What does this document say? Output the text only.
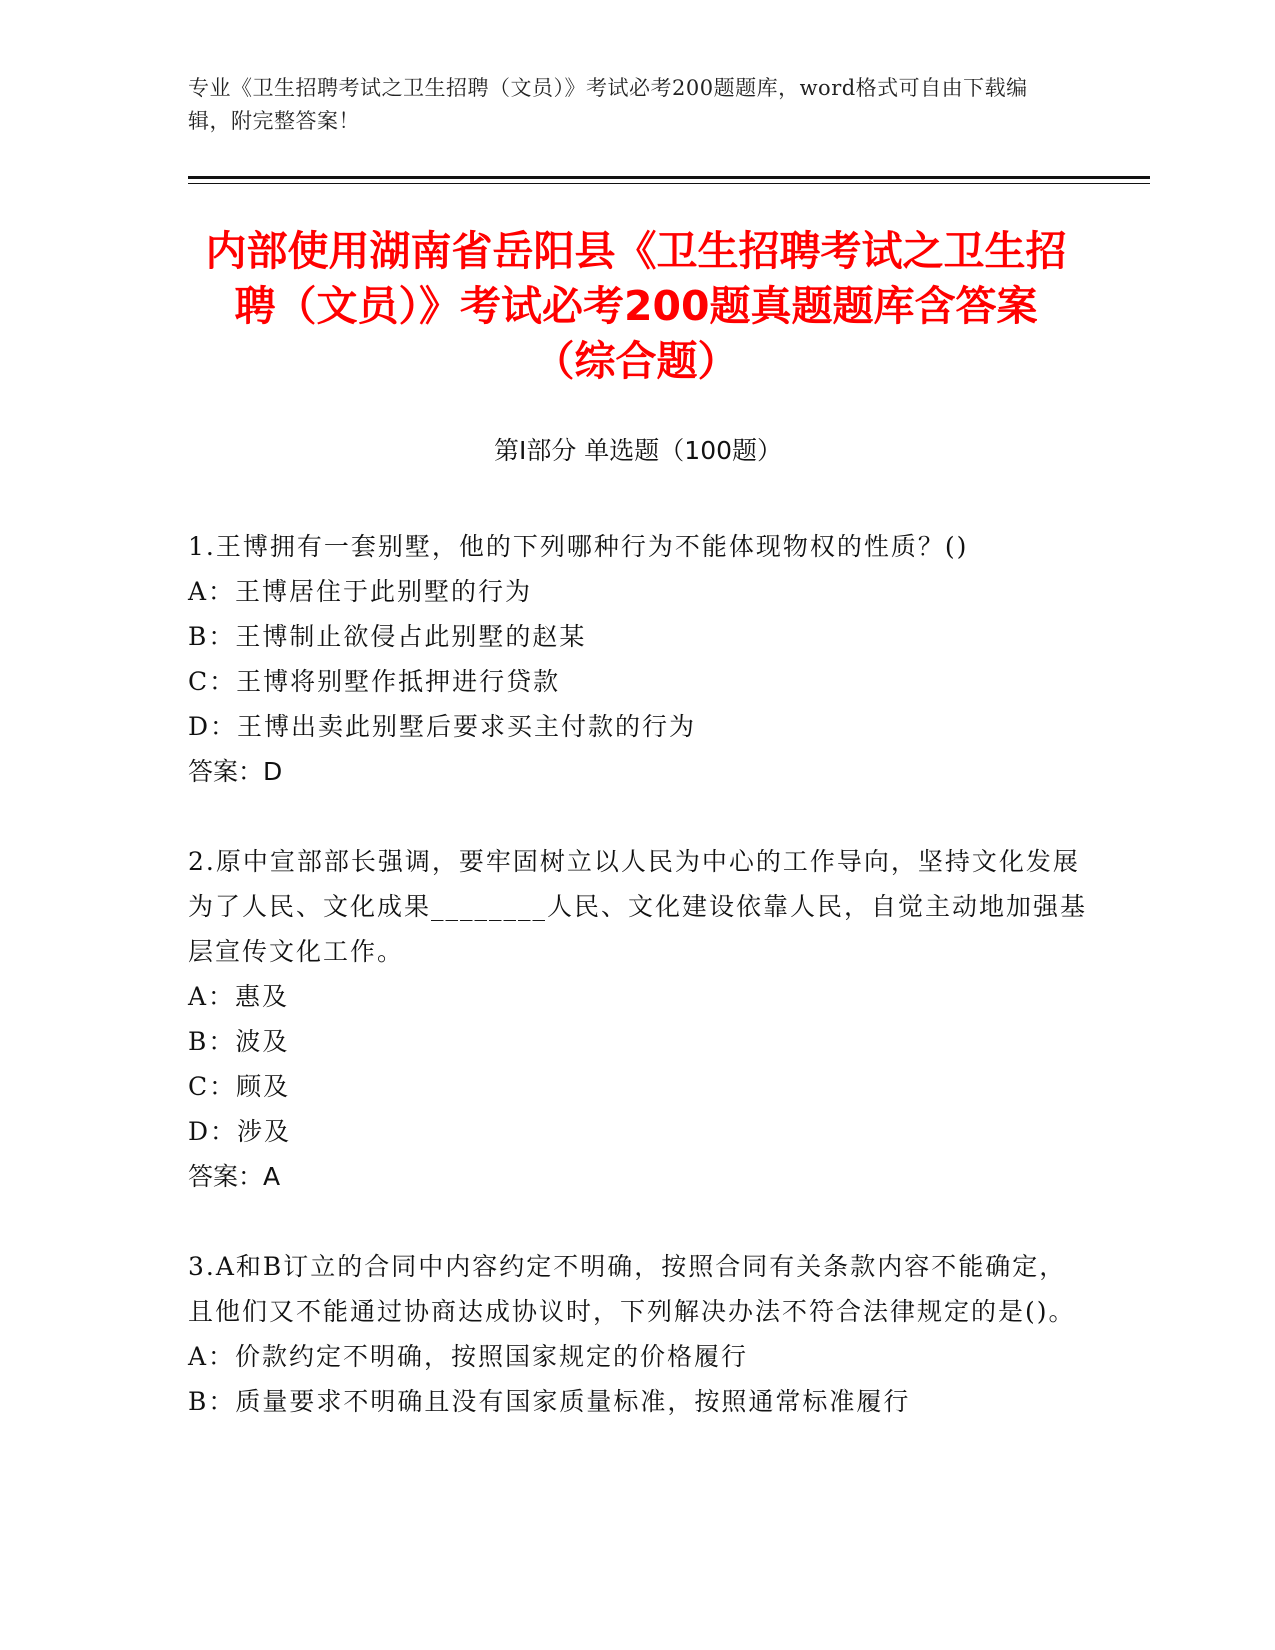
专业《卫生招聘考试之卫生招聘（文员）》考试必考200题题库，word格式可自由下载编辑，附完整答案！
内部使用湖南省岳阳县《卫生招聘考试之卫生招聘（文员）》考试必考200题真题题库含答案（综合题）
第Ⅰ部分 单选题（100题）

1.王博拥有一套别墅，他的下列哪种行为不能体现物权的性质？()

A：王博居住于此别墅的行为

B：王博制止欲侵占此别墅的赵某

C：王博将别墅作抵押进行贷款

D：王博出卖此别墅后要求买主付款的行为

答案：D

2.原中宣部部长强调，要牢固树立以人民为中心的工作导向，坚持文化发展为了人民、文化成果________人民、文化建设依靠人民，自觉主动地加强基层宣传文化工作。

A：惠及

B：波及

C：顾及

D：涉及

答案：A

3.A和B订立的合同中内容约定不明确，按照合同有关条款内容不能确定，且他们又不能通过协商达成协议时，下列解决办法不符合法律规定的是()。

A：价款约定不明确，按照国家规定的价格履行

B：质量要求不明确且没有国家质量标准，按照通常标准履行
